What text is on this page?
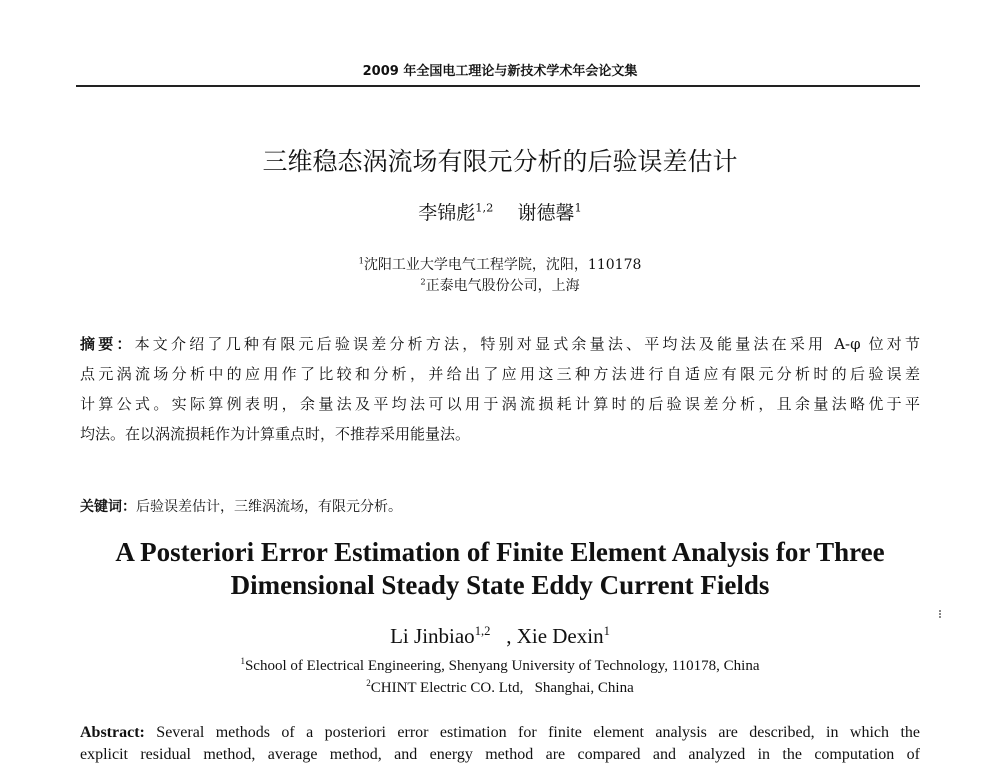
2009 年全国电工理论与新技术学术年会论文集
三维稳态涡流场有限元分析的后验误差估计
李锦彪$^{1,2}$ 谢德馨$^1$
$^1$沈阳工业大学电气工程学院，沈阳，110178
$^2$正泰电气股份公司，上海
摘要：本文介绍了几种有限元后验误差分析方法，特别对显式余量法、平均法及能量法在采用 A-φ 位对节
点元涡流场分析中的应用作了比较和分析，并给出了应用这三种方法进行自适应有限元分析时的后验误差
计算公式。实际算例表明，余量法及平均法可以用于涡流损耗计算时的后验误差分析，且余量法略优于平
均法。在以涡流损耗作为计算重点时，不推荐采用能量法。
关键词：后验误差估计，三维涡流场，有限元分析。
A Posteriori Error Estimation of Finite Element Analysis for Three
Dimensional Steady State Eddy Current Fields
Li Jinbiao$^{1,2}$ , Xie Dexin$^1$
$^1$School of Electrical Engineering, Shenyang University of Technology, 110178, China
$^2$CHINT Electric CO. Ltd,   Shanghai, China
Abstract: Several methods of a posteriori error estimation for finite element analysis are described, in which the
explicit residual method, average method, and energy method are compared and analyzed in the computation of
